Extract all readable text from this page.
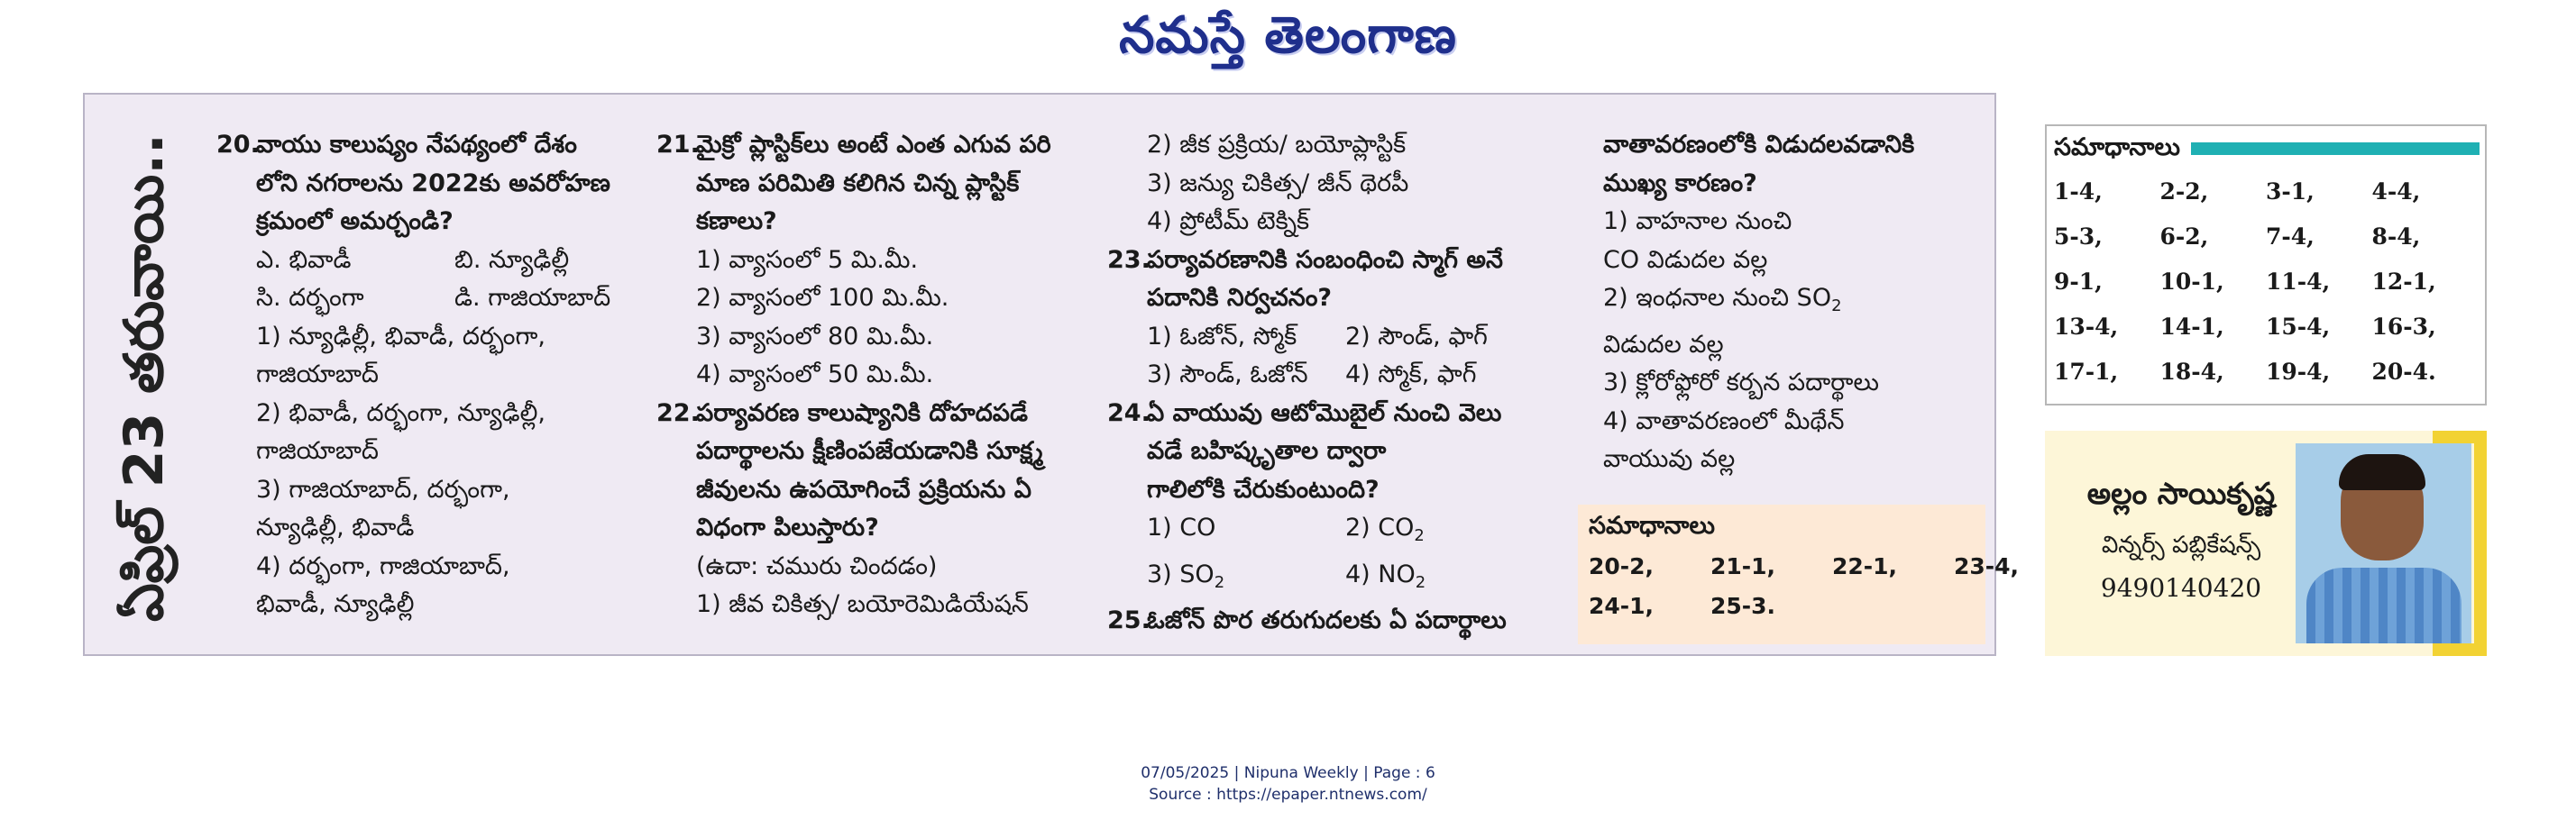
నమస్తే తెలంగాణ
ఏప్రిల్ 23 తరువాయి..	20.వాయు కాలుష్యం నేపథ్యంలో దేశం
లోని నగరాలను 2022కు అవరోహణ
క్రమంలో అమర్చండి?
ఎ. భివాడీ	బి. న్యూఢిల్లీ
సి. దర్భంగా	డి. గాజియాబాద్
1) న్యూఢిల్లీ, భివాడీ, దర్భంగా,
గాజియాబాద్
2) భివాడీ, దర్భంగా, న్యూఢిల్లీ,
గాజియాబాద్
3) గాజియాబాద్, దర్భంగా,
న్యూఢిల్లీ, భివాడీ
4) దర్భంగా, గాజియాబాద్,
భివాడీ, న్యూఢిల్లీ
21.మైక్రో ప్లాస్టిక్‌లు అంటే ఎంత ఎగువ పరి
మాణ పరిమితి కలిగిన చిన్న ప్లాస్టిక్
కణాలు?
1) వ్యాసంలో 5 మి.మీ.
2) వ్యాసంలో 100 మి.మీ.
3) వ్యాసంలో 80 మి.మీ.
4) వ్యాసంలో 50 మి.మీ.
22.పర్యావరణ కాలుష్యానికి దోహదపడే
పదార్థాలను క్షీణింపజేయడానికి సూక్ష్మ
జీవులను ఉపయోగించే ప్రక్రియను ఏ
విధంగా పిలుస్తారు?
(ఉదా: చమురు చిందడం)
1) జీవ చికిత్స/ బయోరెమిడియేషన్
2) జీక ప్రక్రియ/ బయోప్లాస్టిక్
3) జన్యు చికిత్స/ జీన్ థెరపీ
4) ప్రోటీమ్ టెక్నిక్
23.పర్యావరణానికి సంబంధించి స్మాగ్ అనే
పదానికి నిర్వచనం?
1) ఓజోన్, స్మోక్	2) సౌండ్, ఫాగ్
3) సౌండ్, ఓజోన్	4) స్మోక్, ఫాగ్
24.ఏ వాయువు ఆటోమొబైల్ నుంచి వెలు
వడే బహిష్కృతాల ద్వారా
గాలిలోకి చేరుకుంటుంది?
1) CO	2) $CO_2$
3) $SO_2$	4) $NO_2$
25.ఓజోన్ పొర తరుగుదలకు ఏ పదార్థాలు
వాతావరణంలోకి విడుదలవడానికి
ముఖ్య కారణం?
1) వాహనాల నుంచి
CO విడుదల వల్ల
2) ఇంధనాల నుంచి $SO_2$
విడుదల వల్ల
3) క్లోరోఫ్లోరో కర్బన పదార్థాలు
4) వాతావరణంలో మీథేన్
వాయువు వల్ల
సమాధానాలు
20-2,	21-1,	22-1,	23-4,
24-1,	25-3.
సమాధానాలు
1-4,	2-2,	3-1,	4-4,
5-3,	6-2,	7-4,	8-4,
9-1,	10-1,	11-4,	12-1,
13-4,	14-1,	15-4,	16-3,
17-1,	18-4,	19-4,	20-4.
అల్లం సాయికృష్ణ
విన్నర్స్ పబ్లికేషన్స్
9490140420
07/05/2025 | Nipuna Weekly | Page : 6
Source : https://epaper.ntnews.com/
